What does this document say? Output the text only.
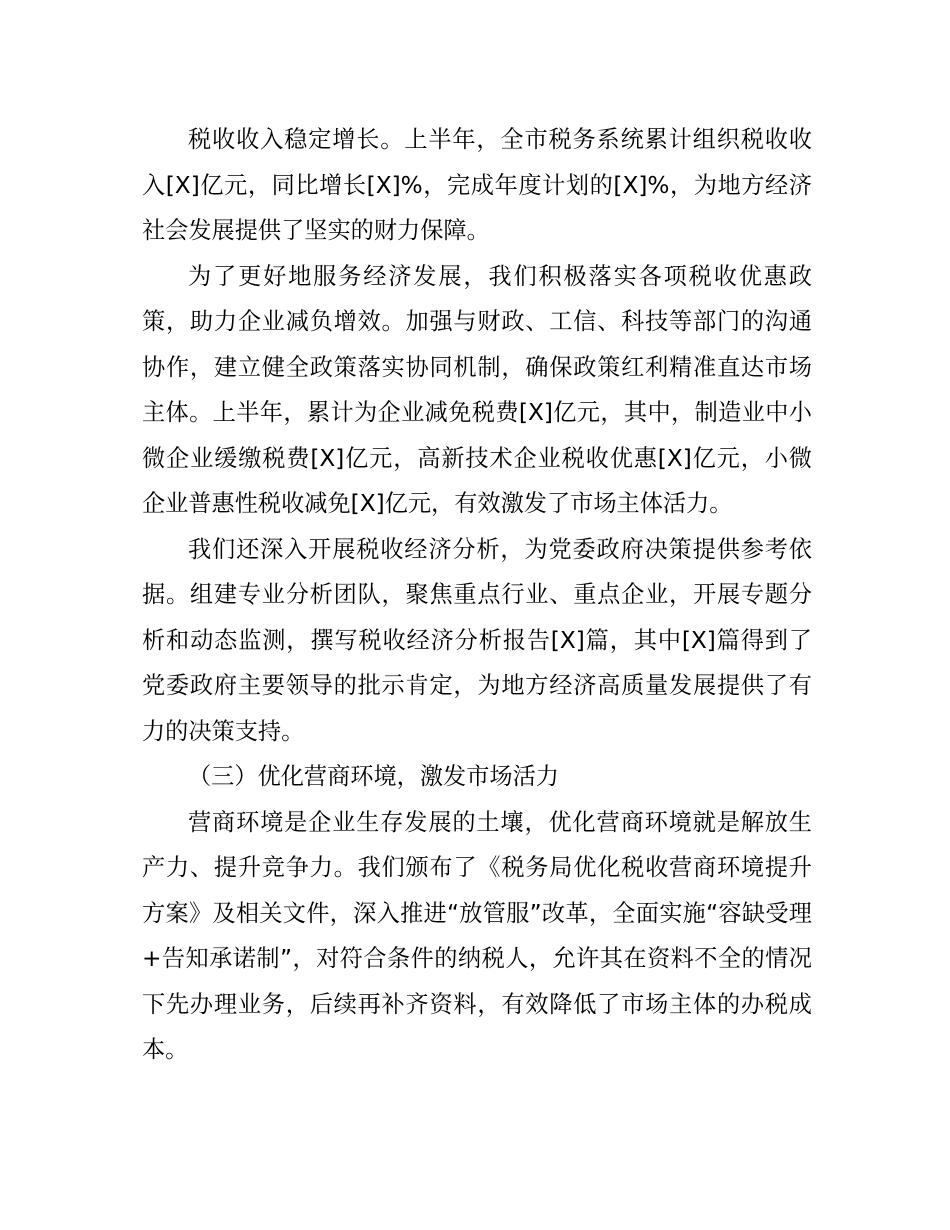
税收收入稳定增长。上半年，全市税务系统累计组织税收收入[X]亿元，同比增长[X]%，完成年度计划的[X]%，为地方经济社会发展提供了坚实的财力保障。

为了更好地服务经济发展，我们积极落实各项税收优惠政策，助力企业减负增效。加强与财政、工信、科技等部门的沟通协作，建立健全政策落实协同机制，确保政策红利精准直达市场主体。上半年，累计为企业减免税费[X]亿元，其中，制造业中小微企业缓缴税费[X]亿元，高新技术企业税收优惠[X]亿元，小微企业普惠性税收减免[X]亿元，有效激发了市场主体活力。

我们还深入开展税收经济分析，为党委政府决策提供参考依据。组建专业分析团队，聚焦重点行业、重点企业，开展专题分析和动态监测，撰写税收经济分析报告[X]篇，其中[X]篇得到了党委政府主要领导的批示肯定，为地方经济高质量发展提供了有力的决策支持。

（三）优化营商环境，激发市场活力

营商环境是企业生存发展的土壤，优化营商环境就是解放生产力、提升竞争力。我们颁布了《税务局优化税收营商环境提升方案》及相关文件，深入推进“放管服”改革，全面实施“容缺受理+告知承诺制”，对符合条件的纳税人，允许其在资料不全的情况下先办理业务，后续再补齐资料，有效降低了市场主体的办税成本。
